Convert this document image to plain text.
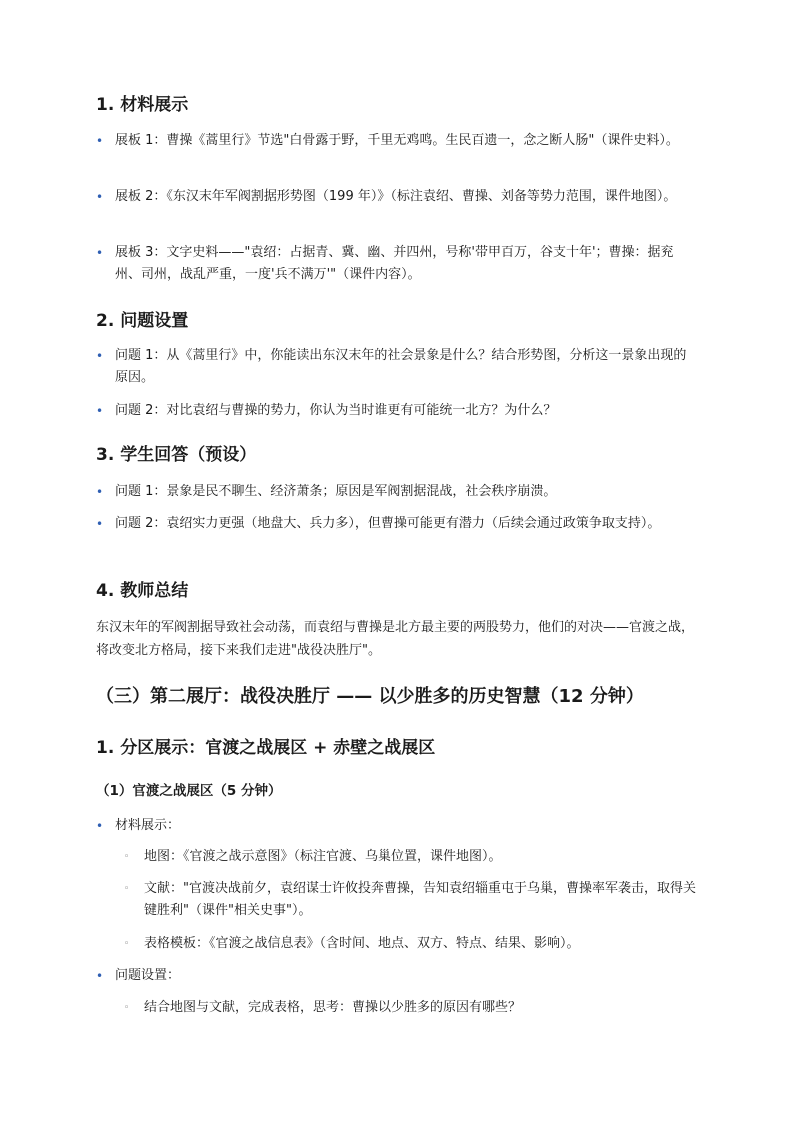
1. 材料展示
• 展板 1：曹操《蒿里行》节选"白骨露于野，千里无鸡鸣。生民百遗一，念之断人肠"（课件史料）。
• 展板 2：《东汉末年军阀割据形势图（199 年）》（标注袁绍、曹操、刘备等势力范围，课件地图）。
• 展板 3：文字史料——"袁绍：占据青、冀、幽、并四州，号称'带甲百万，谷支十年'；曹操：据兖州、司州，战乱严重，一度'兵不满万'"（课件内容）。
2. 问题设置
• 问题 1：从《蒿里行》中，你能读出东汉末年的社会景象是什么？结合形势图，分析这一景象出现的原因。
• 问题 2：对比袁绍与曹操的势力，你认为当时谁更有可能统一北方？为什么？
3. 学生回答（预设）
• 问题 1：景象是民不聊生、经济萧条；原因是军阀割据混战，社会秩序崩溃。
• 问题 2：袁绍实力更强（地盘大、兵力多），但曹操可能更有潜力（后续会通过政策争取支持）。
4. 教师总结
东汉末年的军阀割据导致社会动荡，而袁绍与曹操是北方最主要的两股势力，他们的对决——官渡之战，将改变北方格局，接下来我们走进"战役决胜厅"。
（三）第二展厅：战役决胜厅 —— 以少胜多的历史智慧（12 分钟）
1. 分区展示：官渡之战展区 + 赤壁之战展区
（1）官渡之战展区（5 分钟）
• 材料展示：
◦	地图：《官渡之战示意图》（标注官渡、乌巢位置，课件地图）。
◦	文献："官渡决战前夕，袁绍谋士许攸投奔曹操，告知袁绍辎重屯于乌巢，曹操率军袭击，取得关键胜利"（课件"相关史事"）。
◦	表格模板：《官渡之战信息表》（含时间、地点、双方、特点、结果、影响）。
• 问题设置：
◦	结合地图与文献，完成表格，思考：曹操以少胜多的原因有哪些？
